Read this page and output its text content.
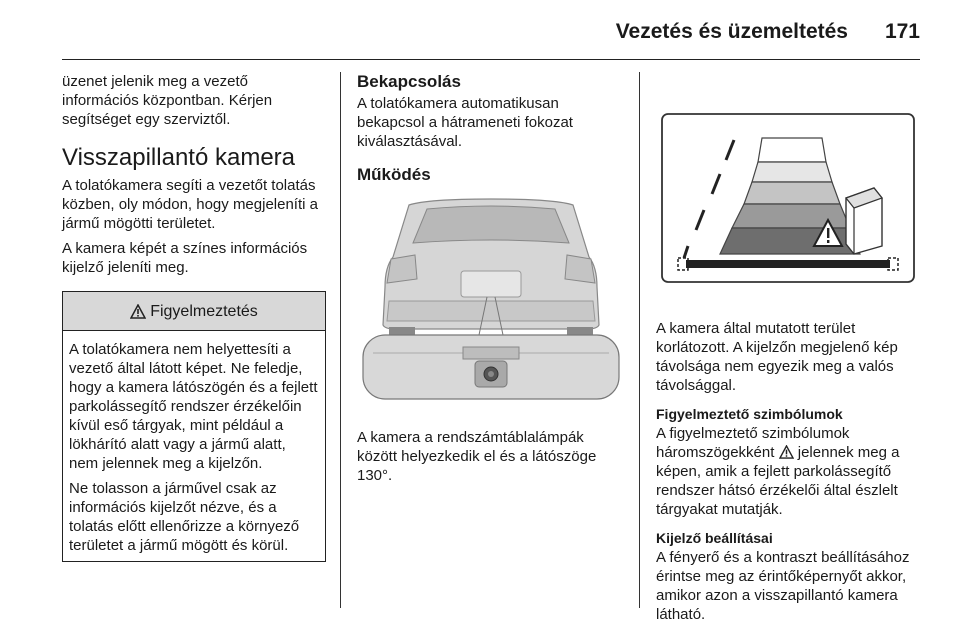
Vezetés és üzemeltetés 171

üzenet jelenik meg a vezető információs központban. Kérjen segítséget egy szerviztől.

Visszapillantó kamera

A tolatókamera segíti a vezetőt tolatás közben, oly módon, hogy megjeleníti a jármű mögötti területet.

A kamera képét a színes információs kijelző jeleníti meg.

Figyelmeztetés

A tolatókamera nem helyettesíti a vezető által látott képet. Ne feledje, hogy a kamera látószögén és a fejlett parkolássegítő rendszer érzékelőin kívül eső tárgyak, mint például a lökhárító alatt vagy a jármű alatt, nem jelennek meg a kijelzőn.

Ne tolasson a járművel csak az információs kijelzőt nézve, és a tolatás előtt ellenőrizze a környező területet a jármű mögött és körül.

Bekapcsolás

A tolatókamera automatikusan bekapcsol a hátrameneti fokozat kiválasztásával.

Működés

A kamera a rendszámtáblalámpák között helyezkedik el és a látószöge 130°.

A kamera által mutatott terület korlátozott. A kijelzőn megjelenő kép távolsága nem egyezik meg a valós távolsággal.

Figyelmeztető szimbólumok

A figyelmeztető szimbólumok háromszögekként jelennek meg a képen, amik a fejlett parkolássegítő rendszer hátsó érzékelői által észlelt tárgyakat mutatják.

Kijelző beállításai

A fényerő és a kontraszt beállításához érintse meg az érintőképernyőt akkor, amikor azon a visszapillantó kamera látható.
